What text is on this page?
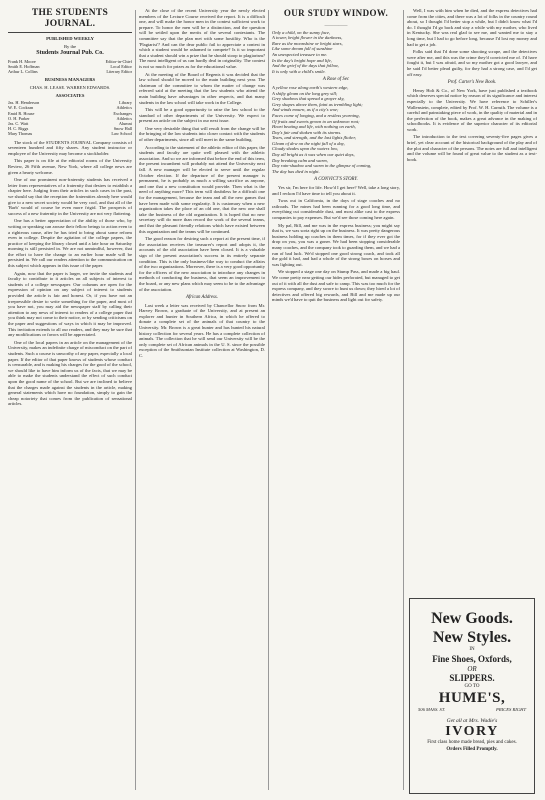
THE STUDENTS JOURNAL.

PUBLISHED WEEKLY

By the

Students Journal Pub. Co.

Frank H. Moore	Editor-in-Chief
Smith E. Hoffman	Local Editor
Arthur L. Collins	Literary Editor

BUSINESS MANAGERS

CHAS. H. LEASE. WARREN EDWARDS.

ASSOCIATES

Jas. H. Henderson	Library
W. E. Cockran	Athletics
Emid R. House	Exchanges
O. H. Parker	Athletics
Jas. C. Watt	Alumni
H. C. Riggs	Snow Hall
Mary Thomas	Law School

The stock of the STUDENTS JOURNAL Company consists of seventeen hundred and fifty shares. Any student instructor or employee of the University may become a stockholder.

This paper is on file at the editorial rooms of the University Review, 26 Fifth avenue, New York, where all college news are given a hearty welcome.

One of our prominent non-fraternity students has received a letter from representatives of a fraternity that desires to establish a chapter here. Judging from their articles in such cases in the past, we should say that the reception the fraternities already here would give to a new secret society would be very cool, and that all of the 'Barb' would of course be even more frigid. The prospects of success of a new fraternity in the University are not very flattering.

One has a better appreciation of the ability of those who, by writing or speaking can arouse their fellow beings to action even to a righteous cause, after he has tried to bring about some reform even in college. Despite the agitation of the college papers, the practice of keeping the library closed until a late hour on Saturday morning is still persisted in. We are not unmindful, however, that the effort to have the change to an earlier hour made will be persisted in. We call our readers attention to the communication on this subject which appears in this issue of the paper.

Again, now that the paper is larger, we invite the students and faculty to contribute to it articles on all subjects of interest to students of a college newspaper. Our columns are open for the expression of opinion on any subject of interest to students provided the article is fair and honest. Or, if you have not an irrepressible desire to write something for the paper, and most of you have not, you may aid the newspaper staff by calling their attention to any news of interest to readers of a college paper that you think may not come to their notice, or by sending criticisms on the paper and suggestions of ways in which it may be improved. This invitation extends to all our readers, and they may be sure that any modifications or favors will be appreciated.

One of the local papers in an article on the management of the University, makes an indefinite charge of misconduct on the part of students. Such a course is unworthy of any paper, especially a local paper. If the editor of that paper knows of students whose conduct is censurable, and is making his charges for the good of the school, we should like to have him inform us of the facts, that we may be able to make the students understand the effect of such conduct upon the good name of the school. But we are inclined to believe that the charges made against the students in the article, making general statements which have no foundation, simply to gain the cheap notoriety that comes from the publication of sensational articles.

At the close of the recent University year the newly elected members of the Lecture Course received the report. It is a difficult one, and will make the honor men in the contest sufficient work to prepare. To honor the men will be a distinction, and the question will be settled upon the merits of the several contestants. The committee say that the plan met with some hostility. Who is the 'Plagiarist'? And can the dear public fail to appreciate a contest in which a student would be ashamed to compete? Is it so important that a student should win a prize that he should stoop to plagiarism? The most intelligent of us can hardly deal in originality. The contest is not so much for prizes as for the educational value.

At the meeting of the Board of Regents it was decided that the law school should be moved to the main building next year. The chairman of the committee to whom the matter of change was referred said at the meeting that the law students who attend the main building have advantages in other respects, and that many students in the law school will take work in the College.

This will be a good opportunity to raise the law school to the standard of other departments of the University. We expect to present an article on the subject in our next issue.

One very desirable thing that will result from the change will be the bringing of the law students into closer contact with the students of other departments, since all will meet in the same building.

According to the statement of the athletic editor of this paper, the students and faculty are quite well pleased with the athletic association. And so we are informed that before the end of this term, the present incumbent will probably not attend the University next fall. A new manager will be elected to serve until the regular October election. If the departure of the present manager is permanent, he is probably as much a willing sacrifice as anyone, and one that a new constitution would provide. Then what is the need of anything more? This term will doubtless be a difficult one for the management, because the team and all the new games that have been made with some regularity. It is customary when a new organization takes the place of an old one, that the new one shall take the business of the old organization. It is hoped that no new secretary will do more than record the work of the several teams, and that the pleasant friendly relations which have existed between this organization and the teams will be continued.

The good reason for desiring such a report at the present time, if the association receives the treasurer's report and adopts it, the accounts of the old association have been closed. It is a valuable sign of the present association's success in its entirely separate condition. This is the only business-like way to conduct the affairs of the two organizations. Moreover, there is a very good opportunity for the officers of the new association to introduce any changes in methods of conducting the business, that seem an improvement to the board, or any new plans which may seem to be to the advantage of the association.

African Address.

Last week a letter was received by Chancellor Snow from Mr. Harvey Brown, a graduate of the University, and at present an explorer and hunter in Southern Africa, in which he offered to donate a complete set of the animals of that country to the University. Mr. Brown is a great hunter and has hunted his natural history collection for several years. He has a complete collection of animals. The collection that he will send our University will be the only complete set of African animals in the U. S. since the possible exception of the Smithsonian Institute collection at Washington, D. C.

OUR STUDY WINDOW.
—————

Only a child, on the sunny face,

A tower, bright flower in the darkness,

Rare as the moonshine or bright stars,

Like some dream full of sunshine

An unexpected treasure to me.

In the day's bright hope and life,

And the grief of the days that follow,

It is only with a child's smile.

A Rose of Sec

A yellow rose along earth's western edge,

A shifty gleam on the long grey sill;

Grey shadows that spread a grayer sky,

Grey shapes above them, faint as trembling light;

And winds mourn, as if a city's woe;

Faces come of longing, and a restless yearning,

Of fruits and sweets grown to an unknown root;

Heart beating and life, with nothing on earth,

Day's fair and shaken with its storms.

Tears, and strength, and the last lights flicker,

Gleam of dew on the night fall of a day,

Cloudy shades upon the waters low,

Day all bright as it was when our quiet days,

Day breaking calm and warm,

Day rain-shadow and warm in the glimpse of coming,

The day has died in night.

A CONVICT'S STORY.

Yes sir, I'm here for life. How'd I get here? Well, take a long story, and I reckon I'd have time to tell you about it.

Twas out in California, in the days of stage coaches and no railroads. The mines had been running for a good long time, and everything cut considerable dust, and most alike cast to the express companies to pay expenses. But we'd see those coming here again.

My pal, Bill, and me was in the express business; you might say that is, we was sorta right up on the business. It was pretty dangerous business holding up coaches in them times, for if they ever got the drop on you, you was a goner. We had been stopping considerable many coaches, and the company took to guarding them, and we had a run of bad luck. We'd stopped one good strong coach, and took all the gold it had, and had a whole of the strong boxes on horses and was lighting out.

We stopped a stage one day on Stump Pass, and made a big haul. We come pretty near getting our hides perforated, but managed to get out of it with all the dust and safe to camp. This was too much for the express company, and they swore to hunt us down; they hired a lot of detectives and offered big rewards, and Bill and me made up our minds we'd have to quit the business and light out for safety.

Well, I was with him when he died, and the express detectives had come from the cities, and there was a lot of folks in the country round about, so I thought I'd better stop a while, but I didn't know what I'd do. I thought I'd go back and stay a while with my mother, who lived in Kentucky. She was real glad to see me, and wanted me to stay a long time, but I had to go before long, because I'd lost my money and had to get a job.

Folks said that I'd done some shooting scrape, and the detectives were after me, and this was the crime they'd convicted me of. I'd have fought it, but I was afraid, and so my mother got a good lawyer, and he said I'd better plead guilty, for they had a strong case, and I'd get off easy.

Prof. Carter's New Book.

Henry Holt & Co., of New York, have just published a textbook which deserves special notice by reason of its significance and interest especially to the University. We have reference to Schiller's Wallenstein, complete, edited by Prof. W. H. Carruth. The volume is a careful and painstaking piece of work, in the quality of material and in the perfection of the book, makes a great advance in the making of schoolbooks. It is evidence of the superior character of its editorial work.

The introduction to the text covering seventy-five pages gives a brief, yet clear account of the historical background of the play and of the plot and character of the persons. The notes are full and intelligent and the volume will be found of great value to the student as a text-book.

New Goods.
New Styles.
IN
Fine Shoes, Oxfords,
OR
SLIPPERS.
GO TO
HUME'S,
506 MASS. ST.	PRICES RIGHT
Get all at Mrs. Wadie's
IVORY
First class home made bread, pies and cakes.
Orders Filled Promptly.
